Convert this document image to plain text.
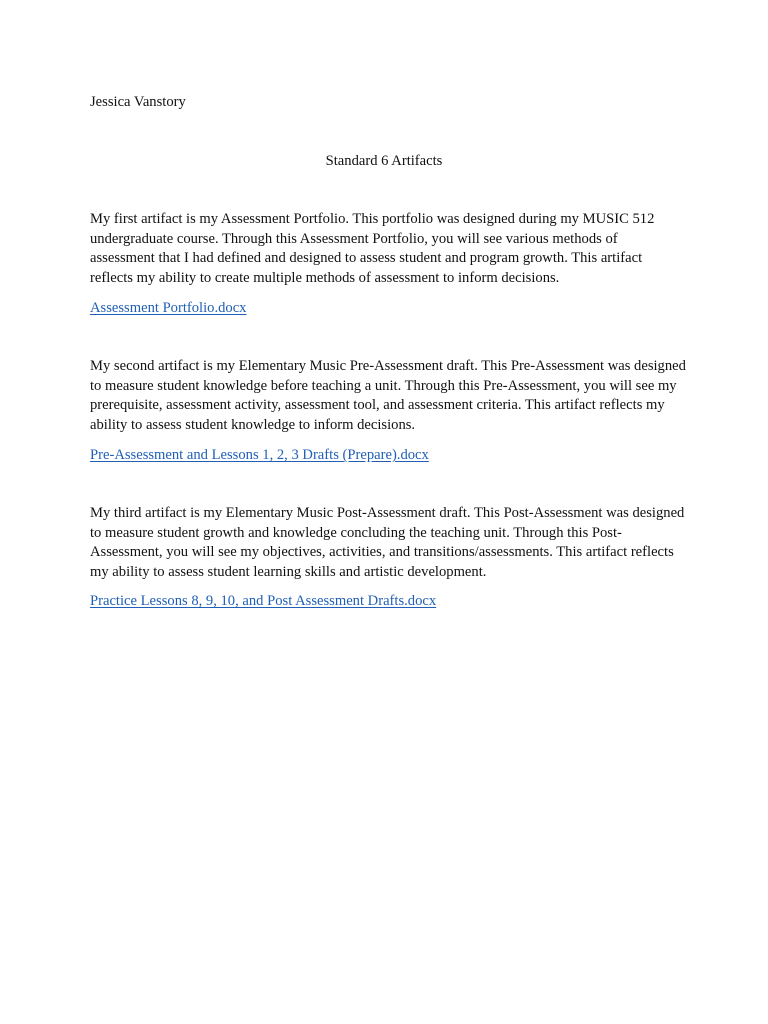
Jessica Vanstory

Standard 6 Artifacts

My first artifact is my Assessment Portfolio. This portfolio was designed during my MUSIC 512 undergraduate course. Through this Assessment Portfolio, you will see various methods of assessment that I had defined and designed to assess student and program growth. This artifact reflects my ability to create multiple methods of assessment to inform decisions.

Assessment Portfolio.docx

My second artifact is my Elementary Music Pre-Assessment draft. This Pre-Assessment was designed to measure student knowledge before teaching a unit. Through this Pre-Assessment, you will see my prerequisite, assessment activity, assessment tool, and assessment criteria. This artifact reflects my ability to assess student knowledge to inform decisions.

Pre-Assessment and Lessons 1, 2, 3 Drafts (Prepare).docx

My third artifact is my Elementary Music Post-Assessment draft. This Post-Assessment was designed to measure student growth and knowledge concluding the teaching unit. Through this Post-Assessment, you will see my objectives, activities, and transitions/assessments. This artifact reflects my ability to assess student learning skills and artistic development.

Practice Lessons 8, 9, 10, and Post Assessment Drafts.docx
